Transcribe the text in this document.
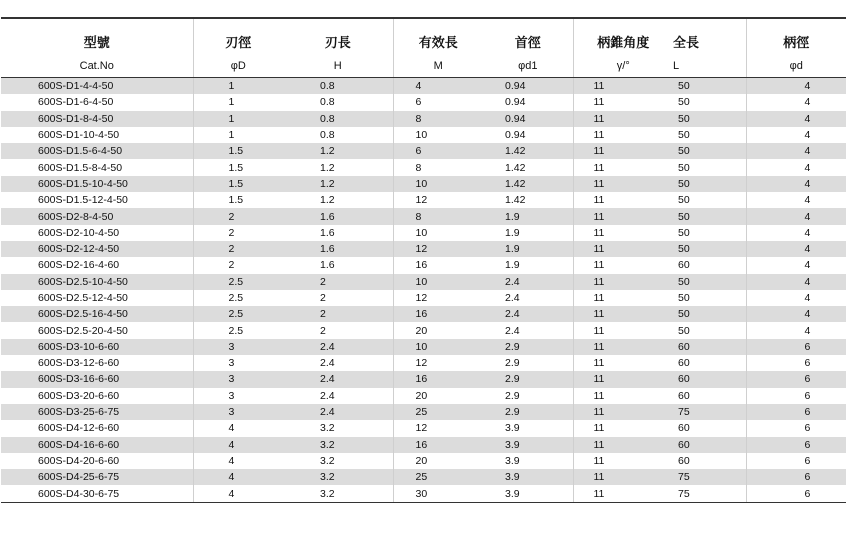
型號	刃徑	刃長	有效長	首徑	柄錐角度	全長	柄徑
Cat.No	φD	H	M	φd1	γ/°	L	φd
600S-D1-4-4-50	1	0.8	4	0.94	11	50	4
600S-D1-6-4-50	1	0.8	6	0.94	11	50	4
600S-D1-8-4-50	1	0.8	8	0.94	11	50	4
600S-D1-10-4-50	1	0.8	10	0.94	11	50	4
600S-D1.5-6-4-50	1.5	1.2	6	1.42	11	50	4
600S-D1.5-8-4-50	1.5	1.2	8	1.42	11	50	4
600S-D1.5-10-4-50	1.5	1.2	10	1.42	11	50	4
600S-D1.5-12-4-50	1.5	1.2	12	1.42	11	50	4
600S-D2-8-4-50	2	1.6	8	1.9	11	50	4
600S-D2-10-4-50	2	1.6	10	1.9	11	50	4
600S-D2-12-4-50	2	1.6	12	1.9	11	50	4
600S-D2-16-4-60	2	1.6	16	1.9	11	60	4
600S-D2.5-10-4-50	2.5	2	10	2.4	11	50	4
600S-D2.5-12-4-50	2.5	2	12	2.4	11	50	4
600S-D2.5-16-4-50	2.5	2	16	2.4	11	50	4
600S-D2.5-20-4-50	2.5	2	20	2.4	11	50	4
600S-D3-10-6-60	3	2.4	10	2.9	11	60	6
600S-D3-12-6-60	3	2.4	12	2.9	11	60	6
600S-D3-16-6-60	3	2.4	16	2.9	11	60	6
600S-D3-20-6-60	3	2.4	20	2.9	11	60	6
600S-D3-25-6-75	3	2.4	25	2.9	11	75	6
600S-D4-12-6-60	4	3.2	12	3.9	11	60	6
600S-D4-16-6-60	4	3.2	16	3.9	11	60	6
600S-D4-20-6-60	4	3.2	20	3.9	11	60	6
600S-D4-25-6-75	4	3.2	25	3.9	11	75	6
600S-D4-30-6-75	4	3.2	30	3.9	11	75	6
